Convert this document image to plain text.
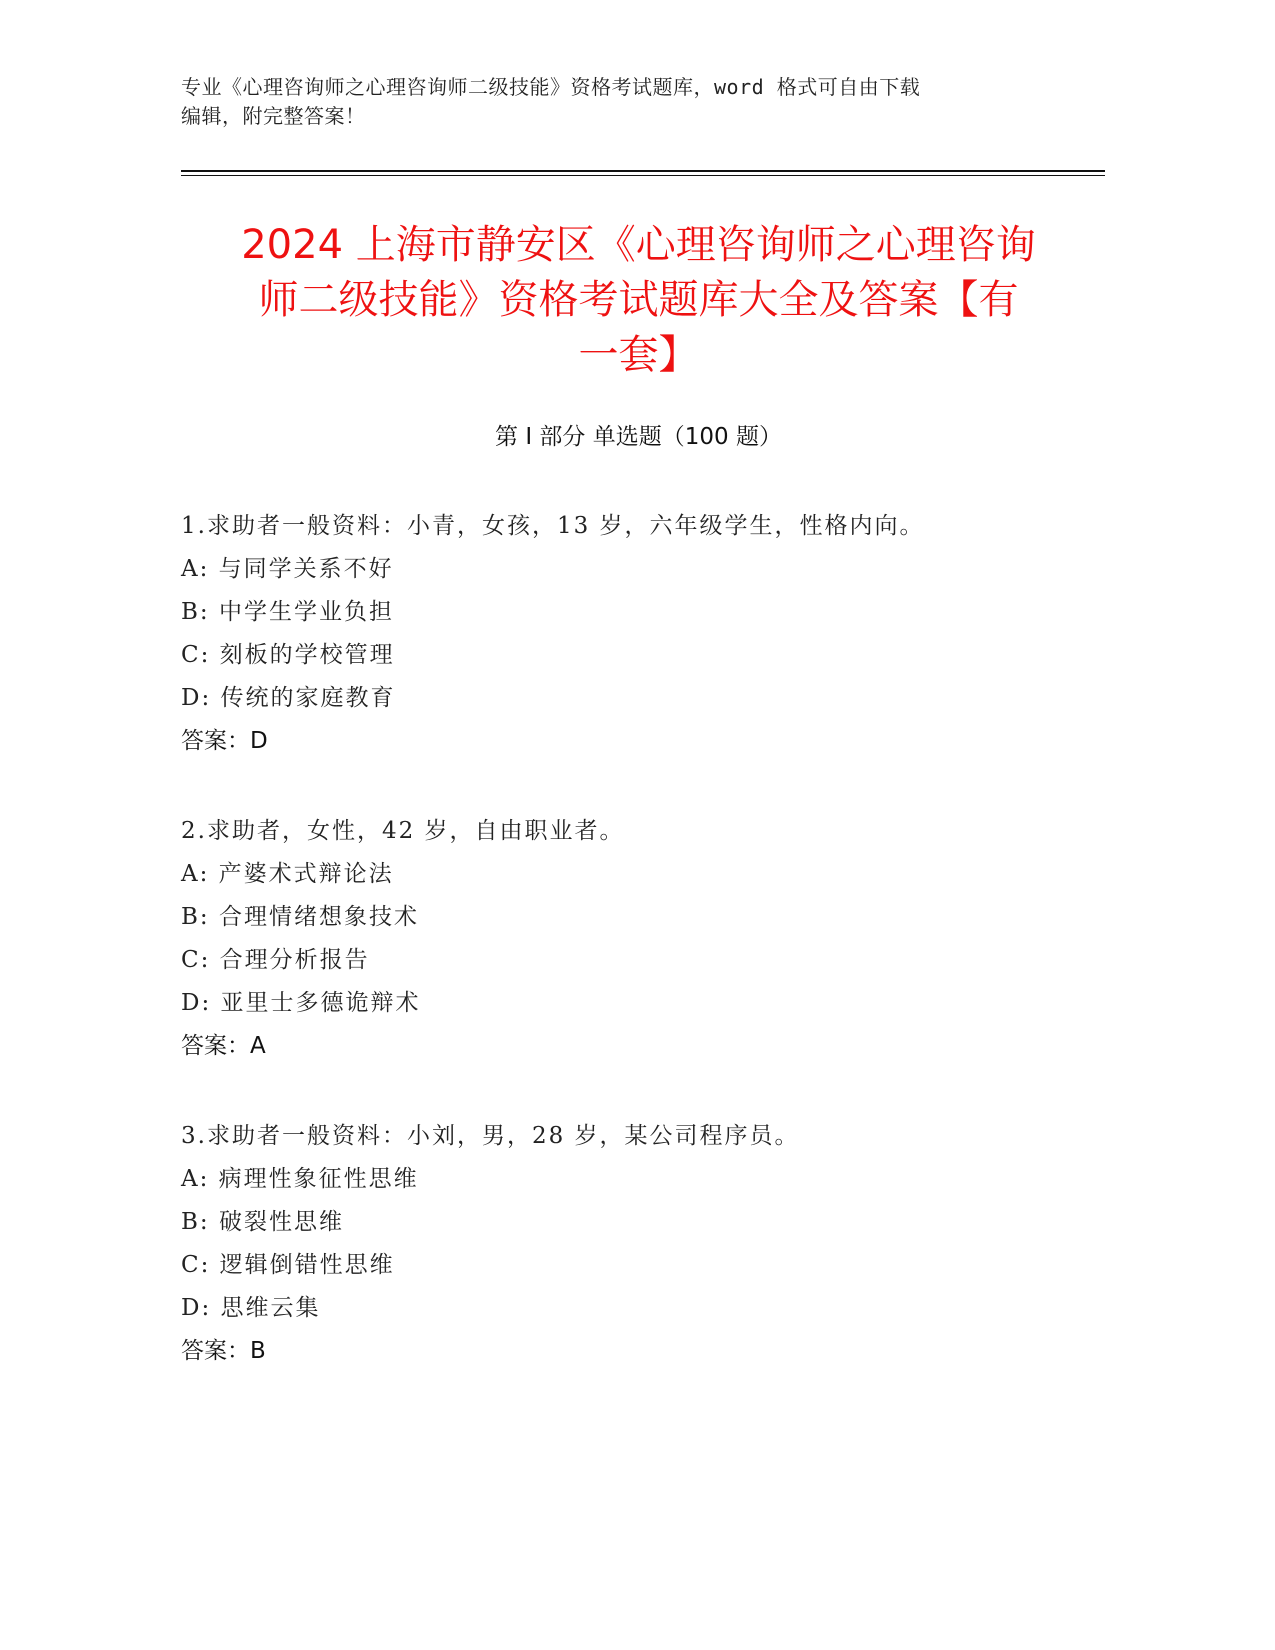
专业《心理咨询师之心理咨询师二级技能》资格考试题库，word 格式可自由下载
编辑，附完整答案！
2024 上海市静安区《心理咨询师之心理咨询
师二级技能》资格考试题库大全及答案【有
一套】
第 I 部分 单选题（100 题）
1.求助者一般资料：小青，女孩，13 岁，六年级学生，性格内向。
A: 与同学关系不好
B: 中学生学业负担
C: 刻板的学校管理
D: 传统的家庭教育
答案：D
2.求助者，女性，42 岁，自由职业者。
A: 产婆术式辩论法
B: 合理情绪想象技术
C: 合理分析报告
D: 亚里士多德诡辩术
答案：A
3.求助者一般资料：小刘，男，28 岁，某公司程序员。
A: 病理性象征性思维
B: 破裂性思维
C: 逻辑倒错性思维
D: 思维云集
答案：B
